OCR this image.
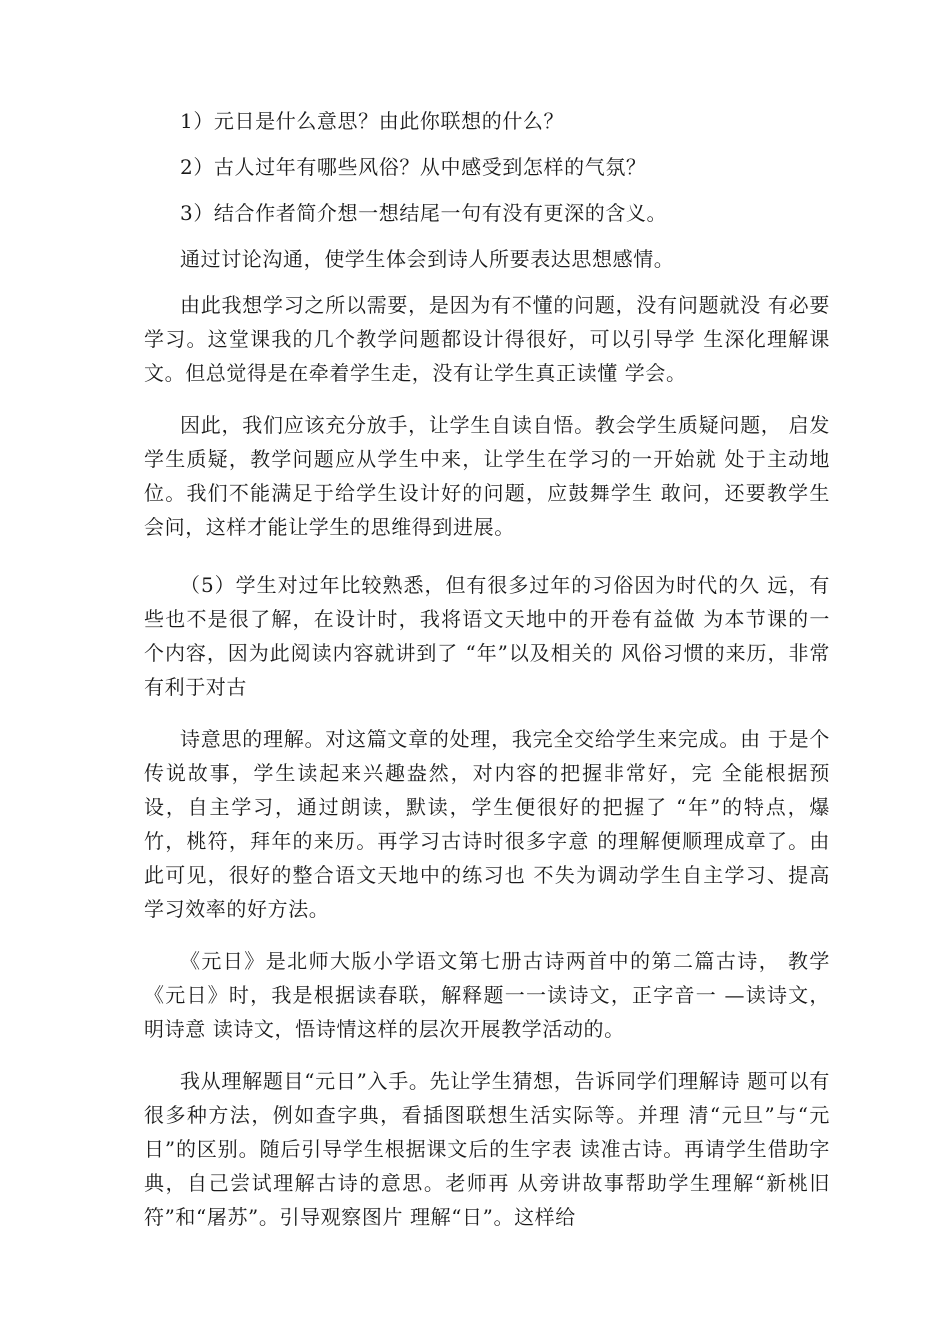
1）元日是什么意思？由此你联想的什么？

2）古人过年有哪些风俗？从中感受到怎样的气氛？

3）结合作者简介想一想结尾一句有没有更深的含义。

通过讨论沟通，使学生体会到诗人所要表达思想感情。

由此我想学习之所以需要，是因为有不懂的问题，没有问题就没 有必要学习。这堂课我的几个教学问题都设计得很好，可以引导学 生深化理解课文。但总觉得是在牵着学生走，没有让学生真正读懂 学会。

因此，我们应该充分放手，让学生自读自悟。教会学生质疑问题， 启发学生质疑，教学问题应从学生中来，让学生在学习的一开始就 处于主动地位。我们不能满足于给学生设计好的问题，应鼓舞学生 敢问，还要教学生会问，这样才能让学生的思维得到进展。

（5）学生对过年比较熟悉，但有很多过年的习俗因为时代的久 远，有些也不是很了解，在设计时，我将语文天地中的开卷有益做 为本节课的一个内容，因为此阅读内容就讲到了 “年”以及相关的 风俗习惯的来历，非常有利于对古

诗意思的理解。对这篇文章的处理，我完全交给学生来完成。由 于是个传说故事，学生读起来兴趣盎然，对内容的把握非常好，完 全能根据预设，自主学习，通过朗读，默读，学生便很好的把握了 “年”的特点，爆竹，桃符，拜年的来历。再学习古诗时很多字意 的理解便顺理成章了。由此可见，很好的整合语文天地中的练习也 不失为调动学生自主学习、提高学习效率的好方法。

《元日》是北师大版小学语文第七册古诗两首中的第二篇古诗， 教学《元日》时，我是根据读春联，解释题一一读诗文，正字音一 —读诗文，明诗意 读诗文，悟诗情这样的层次开展教学活动的。

我从理解题目“元日”入手。先让学生猜想，告诉同学们理解诗 题可以有很多种方法，例如查字典，看插图联想生活实际等。并理 清“元旦”与“元日”的区别。随后引导学生根据课文后的生字表 读准古诗。再请学生借助字典，自己尝试理解古诗的意思。老师再 从旁讲故事帮助学生理解“新桃旧符”和“屠苏”。引导观察图片 理解“日”。这样给
